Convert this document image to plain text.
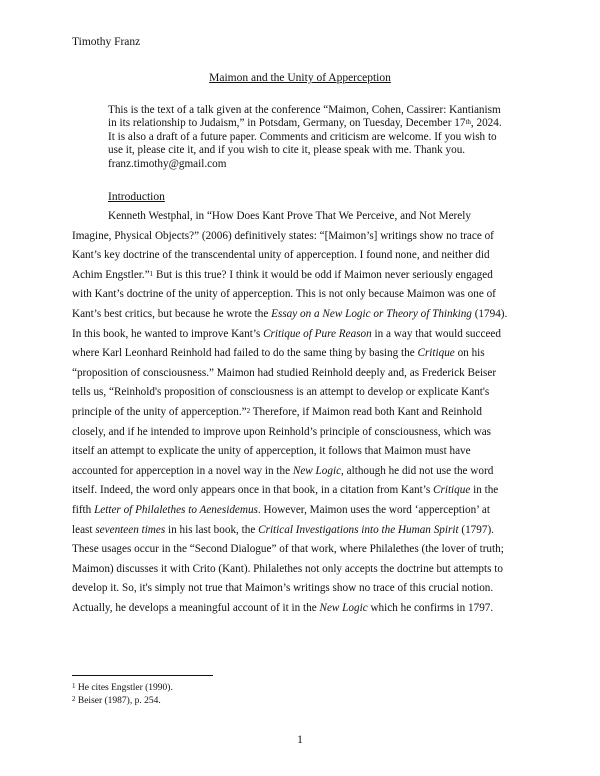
Timothy Franz
Maimon and the Unity of Apperception
This is the text of a talk given at the conference “Maimon, Cohen, Cassirer: Kantianism
in its relationship to Judaism,” in Potsdam, Germany, on Tuesday, December 17th, 2024.
It is also a draft of a future paper. Comments and criticism are welcome. If you wish to
use it, please cite it, and if you wish to cite it, please speak with me. Thank you.
franz.timothy@gmail.com
Introduction
Kenneth Westphal, in “How Does Kant Prove That We Perceive, and Not Merely
Imagine, Physical Objects?” (2006) definitively states: “[Maimon’s] writings show no trace of
Kant’s key doctrine of the transcendental unity of apperception. I found none, and neither did
Achim Engstler.”$^1$ But is this true? I think it would be odd if Maimon never seriously engaged
with Kant’s doctrine of the unity of apperception. This is not only because Maimon was one of
Kant’s best critics, but because he wrote the Essay on a New Logic or Theory of Thinking (1794).
In this book, he wanted to improve Kant’s Critique of Pure Reason in a way that would succeed
where Karl Leonhard Reinhold had failed to do the same thing by basing the Critique on his
“proposition of consciousness.” Maimon had studied Reinhold deeply and, as Frederick Beiser
tells us, “Reinhold's proposition of consciousness is an attempt to develop or explicate Kant's
principle of the unity of apperception.”$^2$ Therefore, if Maimon read both Kant and Reinhold
closely, and if he intended to improve upon Reinhold’s principle of consciousness, which was
itself an attempt to explicate the unity of apperception, it follows that Maimon must have
accounted for apperception in a novel way in the New Logic, although he did not use the word
itself. Indeed, the word only appears once in that book, in a citation from Kant’s Critique in the
fifth Letter of Philalethes to Aenesidemus. However, Maimon uses the word ‘apperception’ at
least seventeen times in his last book, the Critical Investigations into the Human Spirit (1797).
These usages occur in the “Second Dialogue” of that work, where Philalethes (the lover of truth;
Maimon) discusses it with Crito (Kant). Philalethes not only accepts the doctrine but attempts to
develop it. So, it's simply not true that Maimon’s writings show no trace of this crucial notion.
Actually, he develops a meaningful account of it in the New Logic which he confirms in 1797.
$^1$ He cites Engstler (1990).
$^2$ Beiser (1987), p. 254.
1
